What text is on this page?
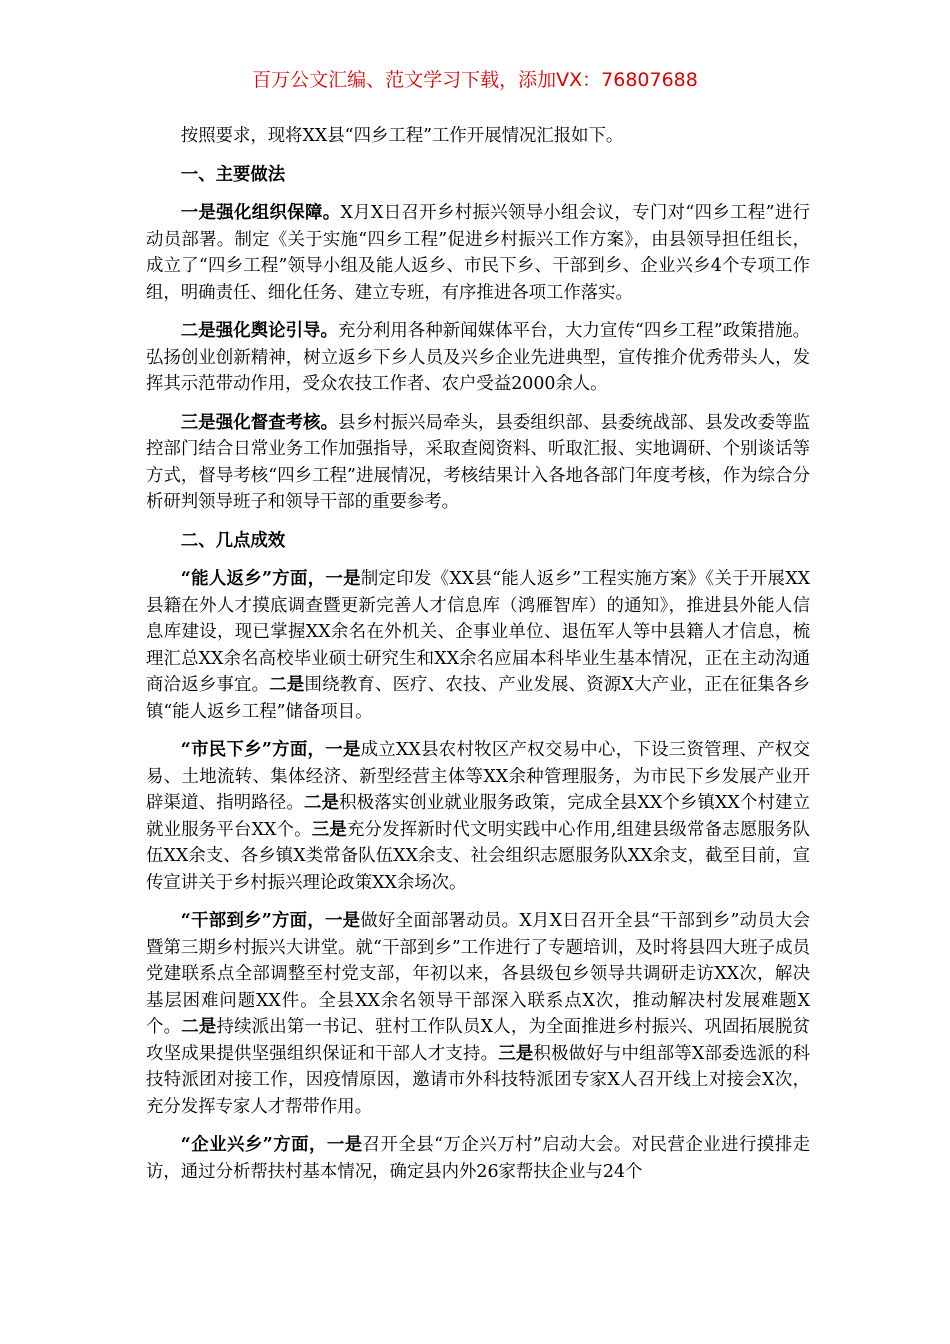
百万公文汇编、范文学习下载，添加VX：76807688

按照要求，现将XX县“四乡工程”工作开展情况汇报如下。

一、主要做法

一是强化组织保障。X月X日召开乡村振兴领导小组会议，专门对“四乡工程”进行动员部署。制定《关于实施“四乡工程”促进乡村振兴工作方案》，由县领导担任组长，成立了“四乡工程”领导小组及能人返乡、市民下乡、干部到乡、企业兴乡4个专项工作组，明确责任、细化任务、建立专班，有序推进各项工作落实。

二是强化舆论引导。充分利用各种新闻媒体平台，大力宣传“四乡工程”政策措施。弘扬创业创新精神，树立返乡下乡人员及兴乡企业先进典型，宣传推介优秀带头人，发挥其示范带动作用，受众农技工作者、农户受益2000余人。

三是强化督查考核。县乡村振兴局牵头，县委组织部、县委统战部、县发改委等监控部门结合日常业务工作加强指导，采取查阅资料、听取汇报、实地调研、个别谈话等方式，督导考核“四乡工程”进展情况，考核结果计入各地各部门年度考核，作为综合分析研判领导班子和领导干部的重要参考。

二、几点成效

“能人返乡”方面，一是制定印发《XX县“能人返乡”工程实施方案》《关于开展XX县籍在外人才摸底调查暨更新完善人才信息库（鸿雁智库）的通知》，推进县外能人信息库建设，现已掌握XX余名在外机关、企事业单位、退伍军人等中县籍人才信息，梳理汇总XX余名高校毕业硕士研究生和XX余名应届本科毕业生基本情况，正在主动沟通商洽返乡事宜。二是围绕教育、医疗、农技、产业发展、资源X大产业，正在征集各乡镇“能人返乡工程”储备项目。

“市民下乡”方面，一是成立XX县农村牧区产权交易中心，下设三资管理、产权交易、土地流转、集体经济、新型经营主体等XX余种管理服务，为市民下乡发展产业开辟渠道、指明路径。二是积极落实创业就业服务政策，完成全县XX个乡镇XX个村建立就业服务平台XX个。三是充分发挥新时代文明实践中心作用,组建县级常备志愿服务队伍XX余支、各乡镇X类常备队伍XX余支、社会组织志愿服务队XX余支，截至目前，宣传宣讲关于乡村振兴理论政策XX余场次。

“干部到乡”方面，一是做好全面部署动员。X月X日召开全县“干部到乡”动员大会暨第三期乡村振兴大讲堂。就“干部到乡”工作进行了专题培训，及时将县四大班子成员党建联系点全部调整至村党支部，年初以来，各县级包乡领导共调研走访XX次，解决基层困难问题XX件。全县XX余名领导干部深入联系点X次，推动解决村发展难题X个。二是持续派出第一书记、驻村工作队员X人，为全面推进乡村振兴、巩固拓展脱贫攻坚成果提供坚强组织保证和干部人才支持。三是积极做好与中组部等X部委选派的科技特派团对接工作，因疫情原因，邀请市外科技特派团专家X人召开线上对接会X次，充分发挥专家人才帮带作用。

“企业兴乡”方面，一是召开全县“万企兴万村”启动大会。对民营企业进行摸排走访，通过分析帮扶村基本情况，确定县内外26家帮扶企业与24个
